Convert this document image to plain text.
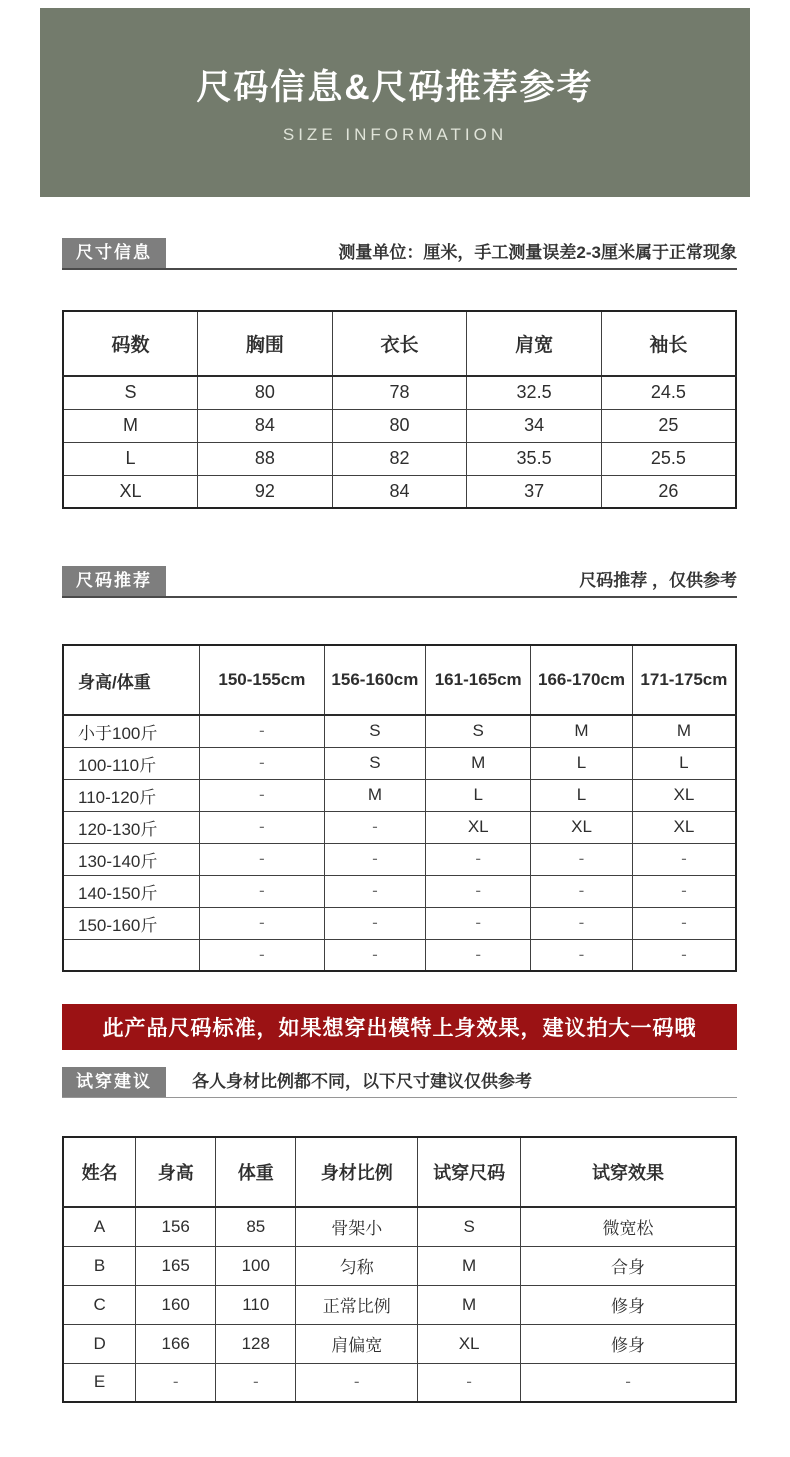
尺码信息&尺码推荐参考
SIZE INFORMATION
尺寸信息	测量单位：厘米，手工测量误差2-3厘米属于正常现象
码数	胸围	衣长	肩宽	袖长
S	80	78	32.5	24.5
M	84	80	34	25
L	88	82	35.5	25.5
XL	92	84	37	26
尺码推荐	尺码推荐 ，仅供参考
身高/体重	150-155cm	156-160cm	161-165cm	166-170cm	171-175cm
小于100斤	-	S	S	M	M
100-110斤	-	S	M	L	L
110-120斤	-	M	L	L	XL
120-130斤	-	-	XL	XL	XL
130-140斤	-	-	-	-	-
140-150斤	-	-	-	-	-
150-160斤	-	-	-	-	-
	-	-	-	-	-
此产品尺码标准，如果想穿出模特上身效果，建议拍大一码哦
试穿建议	各人身材比例都不同，以下尺寸建议仅供参考
姓名	身高	体重	身材比例	试穿尺码	试穿效果
A	156	85	骨架小	S	微宽松
B	165	100	匀称	M	合身
C	160	110	正常比例	M	修身
D	166	128	肩偏宽	XL	修身
E	-	-	-	-	-
